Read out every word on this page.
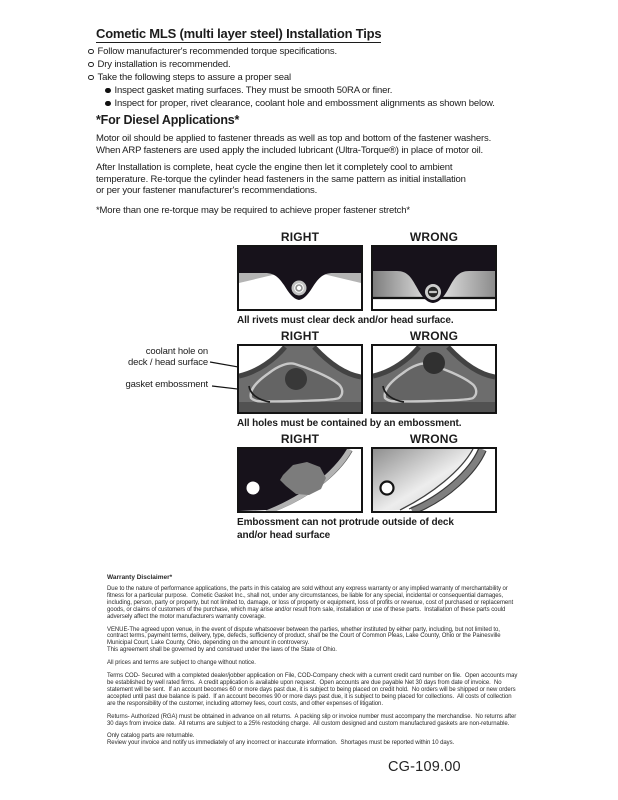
Cometic MLS (multi layer steel) Installation Tips
Follow manufacturer's recommended torque specifications.
Dry installation is recommended.
Take the following steps to assure a proper seal
Inspect gasket mating surfaces. They must be smooth 50RA or finer.
Inspect for proper, rivet clearance, coolant hole and embossment alignments as shown below.
*For Diesel Applications*

Motor oil should be applied to fastener threads as well as top and bottom of the fastener washers.
When ARP fasteners are used apply the included lubricant (Ultra-Torque®) in place of motor oil.

After Installation is complete, heat cycle the engine then let it completely cool to ambient
temperature. Re-torque the cylinder head fasteners in the same pattern as initial installation
or per your fastener manufacturer's recommendations.

*More than one re-torque may be required to achieve proper fastener stretch*

RIGHT	WRONG
All rivets must clear deck and/or head surface.
coolant hole on
deck / head surface
gasket embossment
RIGHT	WRONG
All holes must be contained by an embossment.
RIGHT	WRONG
Embossment can not protrude outside of deck
and/or head surface
Warranty Disclaimer*

Due to the nature of performance applications, the parts in this catalog are sold without any express warranty or any implied warranty of merchantability or
fitness for a particular purpose.  Cometic Gasket Inc., shall not, under any circumstances, be liable for any special, incidental or consequential damages,
including, person, party or property, but not limited to, damage, or loss of property or equipment, loss of profits or revenue, cost of purchased or replacement
goods, or claims of customers of the purchase, which may arise and/or result from sale, installation or use of these parts.  Installation of these parts could
adversely affect the motor manufacturers warranty coverage.

VENUE-The agreed upon venue, in the event of dispute whatsoever between the parties, whether instituted by either party, including, but not limited to,
contract terms, payment terms, delivery, type, defects, sufficiency of product, shall be the Court of Common Pleas, Lake County, Ohio or the Painesville
Municipal Court, Lake County, Ohio, depending on the amount in controversy.
This agreement shall be governed by and construed under the laws of the State of Ohio.

All prices and terms are subject to change without notice.

Terms COD- Secured with a completed dealer/jobber application on File, COD-Company check with a current credit card number on file.  Open accounts may
be established by well rated firms.  A credit application is available upon request.  Open accounts are due payable Net 30 days from date of invoice.  No
statement will be sent.  If an account becomes 60 or more days past due, it is subject to being placed on credit hold.  No orders will be shipped or new orders
accepted until past due balance is paid.  If an account becomes 90 or more days past due, it is subject to being placed for collections.  All costs of collection
are the responsibility of the customer, including attorney fees, court costs, and other expenses of litigation.

Returns- Authorized (RGA) must be obtained in advance on all returns.  A packing slip or invoice number must accompany the merchandise.  No returns after
30 days from invoice date.  All returns are subject to a 25% restocking charge.  All custom designed and custom manufactured gaskets are non-returnable.

Only catalog parts are returnable.
Review your invoice and notify us immediately of any incorrect or inaccurate information.  Shortages must be reported within 10 days.

CG-109.00
